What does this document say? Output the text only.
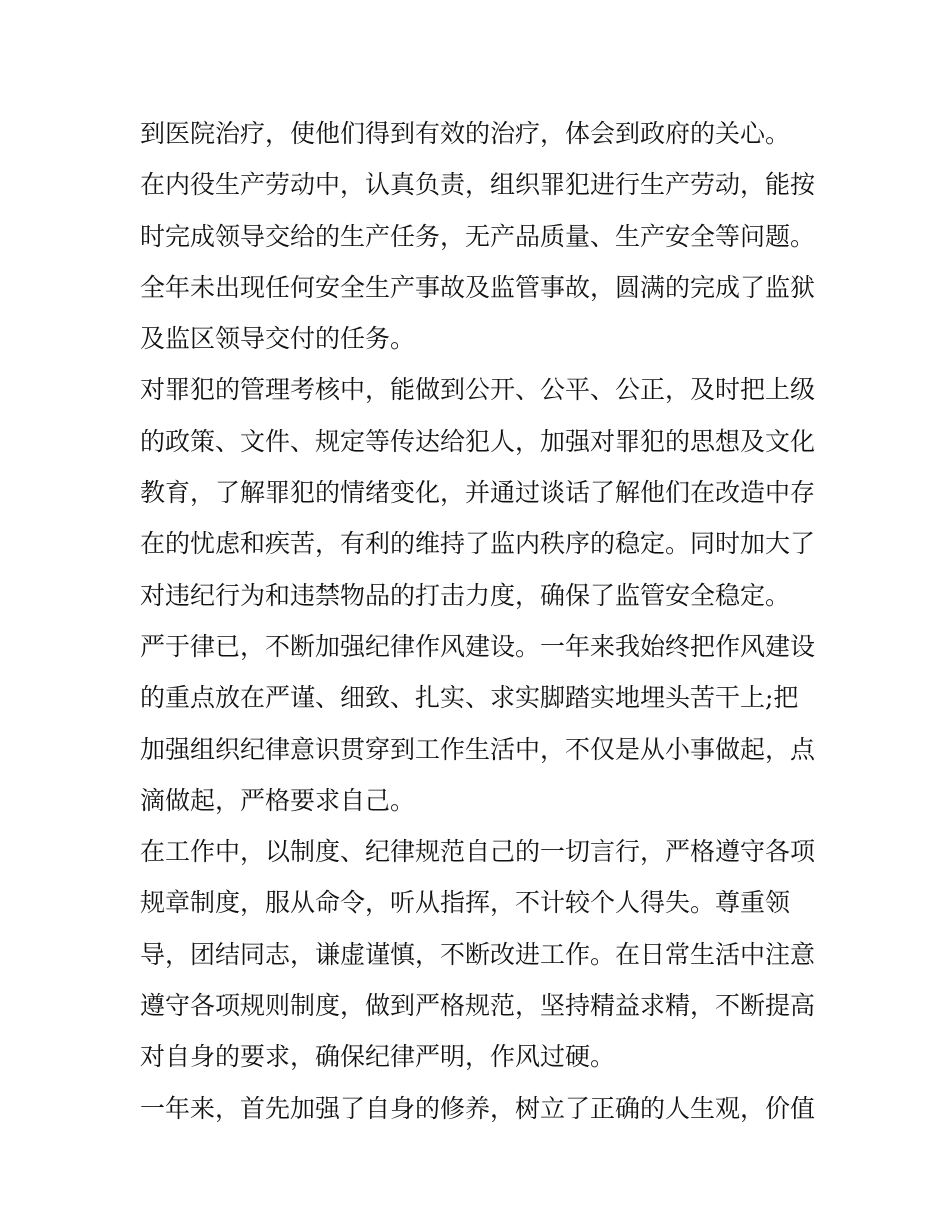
到医院治疗，使他们得到有效的治疗，体会到政府的关心。
在内役生产劳动中，认真负责，组织罪犯进行生产劳动，能按
时完成领导交给的生产任务，无产品质量、生产安全等问题。
全年未出现任何安全生产事故及监管事故，圆满的完成了监狱
及监区领导交付的任务。
对罪犯的管理考核中，能做到公开、公平、公正，及时把上级
的政策、文件、规定等传达给犯人，加强对罪犯的思想及文化
教育，了解罪犯的情绪变化，并通过谈话了解他们在改造中存
在的忧虑和疾苦，有利的维持了监内秩序的稳定。同时加大了
对违纪行为和违禁物品的打击力度，确保了监管安全稳定。
严于律已，不断加强纪律作风建设。一年来我始终把作风建设
的重点放在严谨、细致、扎实、求实脚踏实地埋头苦干上;把
加强组织纪律意识贯穿到工作生活中，不仅是从小事做起，点
滴做起，严格要求自己。
在工作中，以制度、纪律规范自己的一切言行，严格遵守各项
规章制度，服从命令，听从指挥，不计较个人得失。尊重领
导，团结同志，谦虚谨慎，不断改进工作。在日常生活中注意
遵守各项规则制度，做到严格规范，坚持精益求精，不断提高
对自身的要求，确保纪律严明，作风过硬。
一年来，首先加强了自身的修养，树立了正确的人生观，价值
